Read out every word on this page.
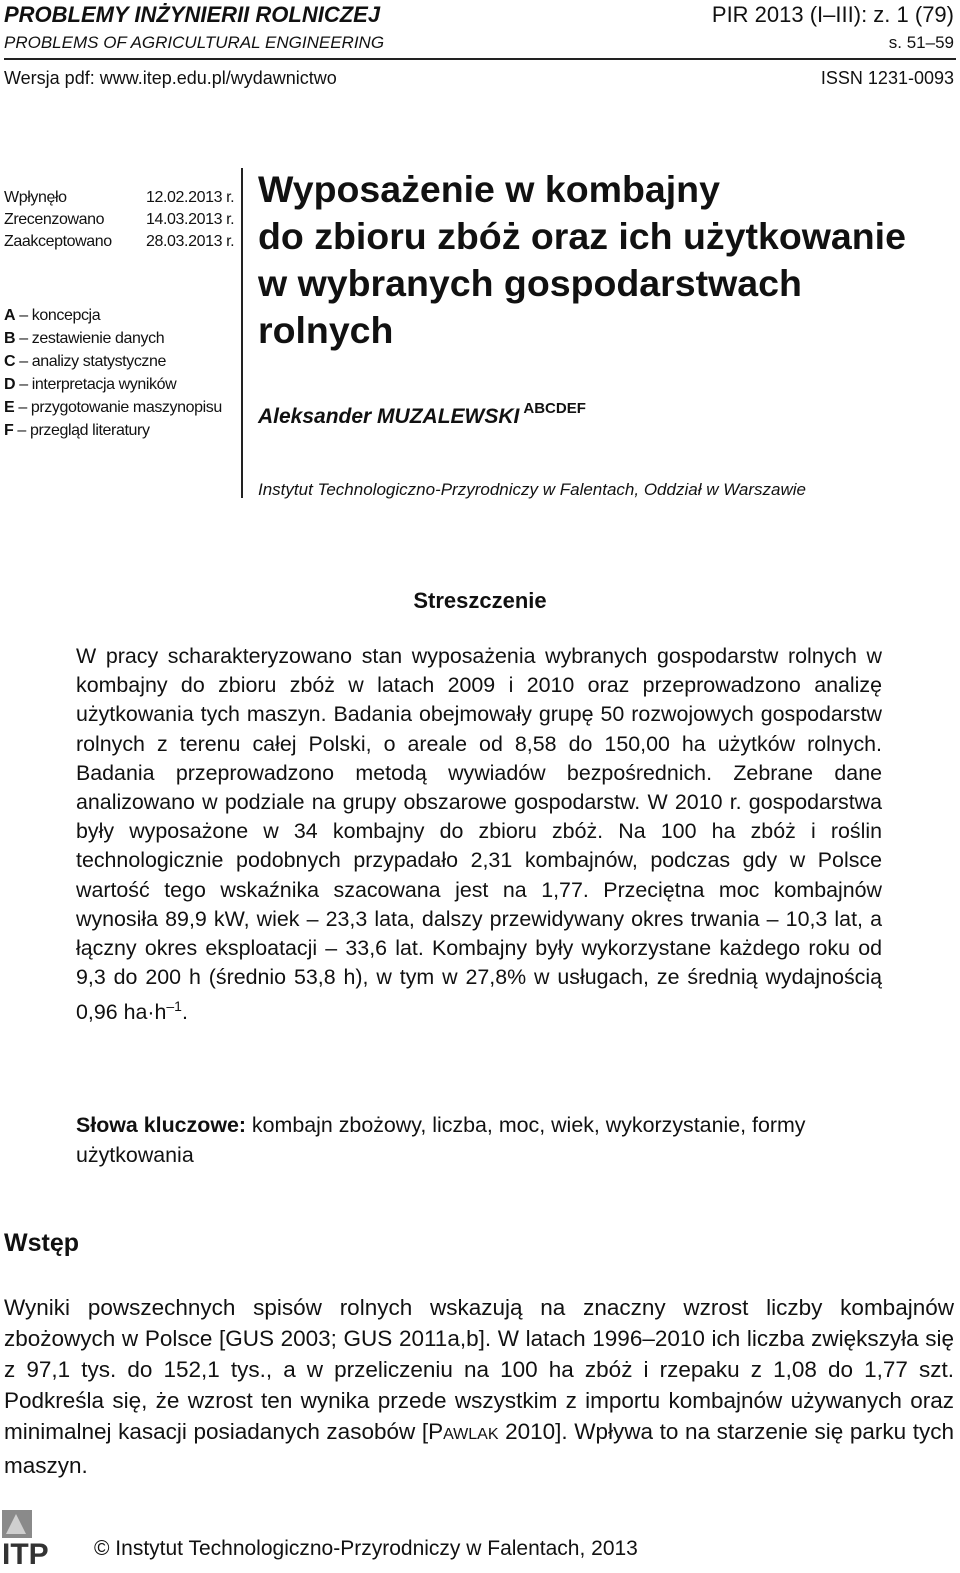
PROBLEMY INŻYNIERII ROLNICZEJ	PIR 2013 (I–III): z. 1 (79)
PROBLEMS OF AGRICULTURAL ENGINEERING	s. 51–59
Wersja pdf: www.itep.edu.pl/wydawnictwo	ISSN 1231-0093
Wpłynęło	12.02.2013 r.
Zrecenzowano	14.03.2013 r.
Zaakceptowano	28.03.2013 r.
A – koncepcja
B – zestawienie danych
C – analizy statystyczne
D – interpretacja wyników
E – przygotowanie maszynopisu
F – przegląd literatury
Wyposażenie w kombajny
do zbioru zbóż oraz ich użytkowanie
w wybranych gospodarstwach
rolnych
Aleksander MUZALEWSKI $^{ABCDEF}$
Instytut Technologiczno-Przyrodniczy w Falentach, Oddział w Warszawie
Streszczenie
W pracy scharakteryzowano stan wyposażenia wybranych gospodarstw rolnych w kombajny do zbioru zbóż w latach 2009 i 2010 oraz przeprowadzono analizę użytkowania tych maszyn. Badania obejmowały grupę 50 rozwojowych gospodarstw rolnych z terenu całej Polski, o areale od 8,58 do 150,00 ha użytków rolnych. Badania przeprowadzono metodą wywiadów bezpośrednich. Zebrane dane analizowano w podziale na grupy obszarowe gospodarstw. W 2010 r. gospodarstwa były wyposażone w 34 kombajny do zbioru zbóż. Na 100 ha zbóż i roślin technologicznie podobnych przypadało 2,31 kombajnów, podczas gdy w Polsce wartość tego wskaźnika szacowana jest na 1,77. Przeciętna moc kombajnów wynosiła 89,9 kW, wiek – 23,3 lata, dalszy przewidywany okres trwania – 10,3 lat, a łączny okres eksploatacji – 33,6 lat. Kombajny były wykorzystane każdego roku od 9,3 do 200 h (średnio 53,8 h), w tym w 27,8% w usługach, ze średnią wydajnością 0,96 $ha\cdot h^{-1}$.
Słowa kluczowe: kombajn zbożowy, liczba, moc, wiek, wykorzystanie, formy użytkowania
Wstęp
Wyniki powszechnych spisów rolnych wskazują na znaczny wzrost liczby kombajnów zbożowych w Polsce [GUS 2003; GUS 2011a,b]. W latach 1996–2010 ich liczba zwiększyła się z 97,1 tys. do 152,1 tys., a w przeliczeniu na 100 ha zbóż i rzepaku z 1,08 do 1,77 szt. Podkreśla się, że wzrost ten wynika przede wszystkim z importu kombajnów używanych oraz minimalnej kasacji posiadanych zasobów [PAWLAK 2010]. Wpływa to na starzenie się parku tych maszyn.
ITP © Instytut Technologiczno-Przyrodniczy w Falentach, 2013
